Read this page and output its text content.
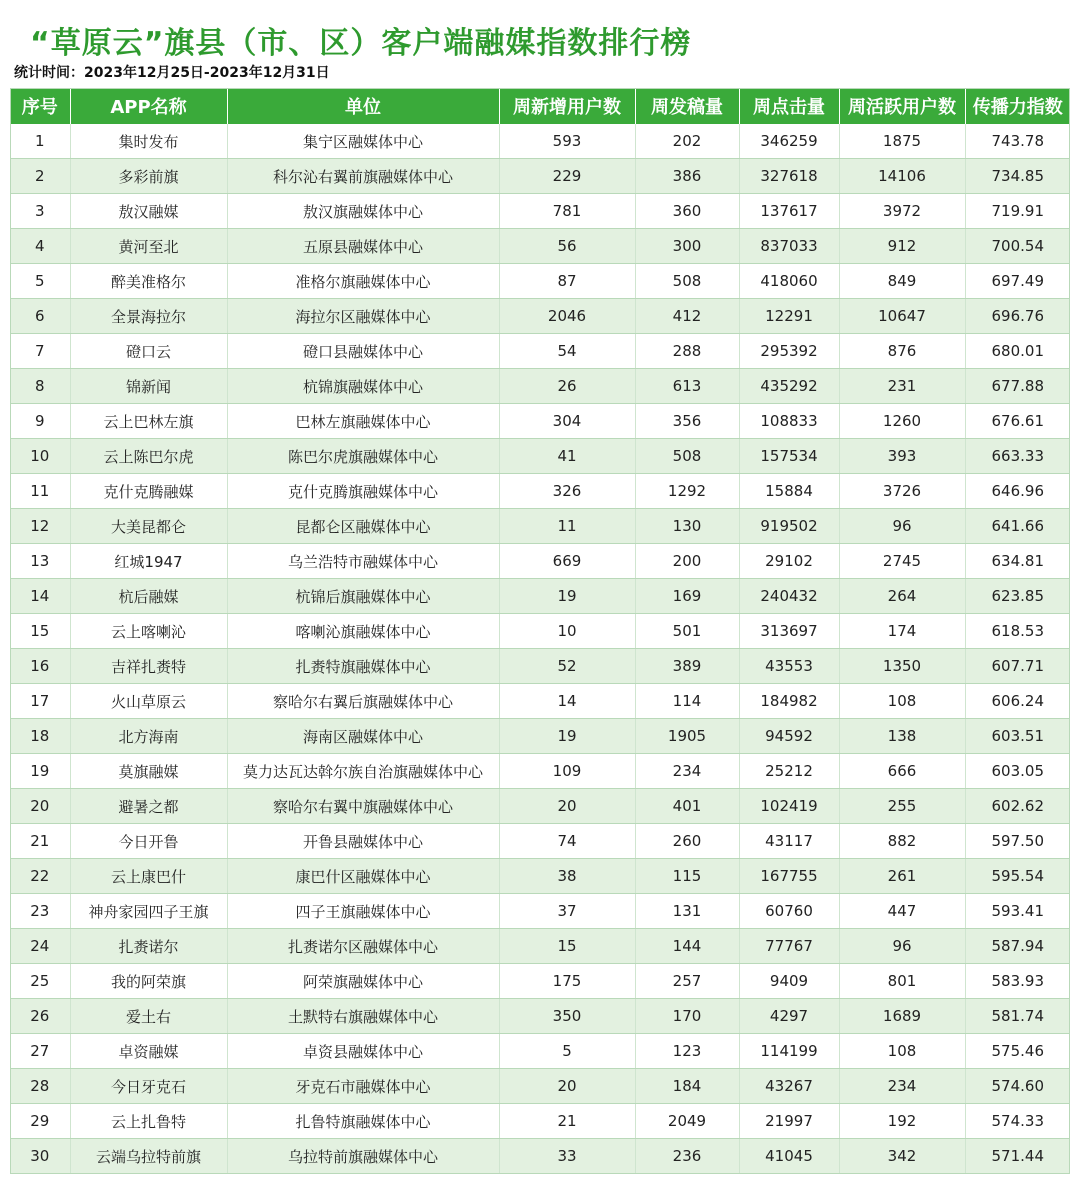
“草原云”旗县（市、区）客户端融媒指数排行榜
统计时间：2023年12月25日-2023年12月31日
序号	APP名称	单位	周新增用户数	周发稿量	周点击量	周活跃用户数	传播力指数
1	集时发布	集宁区融媒体中心	593	202	346259	1875	743.78
2	多彩前旗	科尔沁右翼前旗融媒体中心	229	386	327618	14106	734.85
3	敖汉融媒	敖汉旗融媒体中心	781	360	137617	3972	719.91
4	黄河至北	五原县融媒体中心	56	300	837033	912	700.54
5	醉美准格尔	准格尔旗融媒体中心	87	508	418060	849	697.49
6	全景海拉尔	海拉尔区融媒体中心	2046	412	12291	10647	696.76
7	磴口云	磴口县融媒体中心	54	288	295392	876	680.01
8	锦新闻	杭锦旗融媒体中心	26	613	435292	231	677.88
9	云上巴林左旗	巴林左旗融媒体中心	304	356	108833	1260	676.61
10	云上陈巴尔虎	陈巴尔虎旗融媒体中心	41	508	157534	393	663.33
11	克什克腾融媒	克什克腾旗融媒体中心	326	1292	15884	3726	646.96
12	大美昆都仑	昆都仑区融媒体中心	11	130	919502	96	641.66
13	红城1947	乌兰浩特市融媒体中心	669	200	29102	2745	634.81
14	杭后融媒	杭锦后旗融媒体中心	19	169	240432	264	623.85
15	云上喀喇沁	喀喇沁旗融媒体中心	10	501	313697	174	618.53
16	吉祥扎赉特	扎赉特旗融媒体中心	52	389	43553	1350	607.71
17	火山草原云	察哈尔右翼后旗融媒体中心	14	114	184982	108	606.24
18	北方海南	海南区融媒体中心	19	1905	94592	138	603.51
19	莫旗融媒	莫力达瓦达斡尔族自治旗融媒体中心	109	234	25212	666	603.05
20	避暑之都	察哈尔右翼中旗融媒体中心	20	401	102419	255	602.62
21	今日开鲁	开鲁县融媒体中心	74	260	43117	882	597.50
22	云上康巴什	康巴什区融媒体中心	38	115	167755	261	595.54
23	神舟家园四子王旗	四子王旗融媒体中心	37	131	60760	447	593.41
24	扎赉诺尔	扎赉诺尔区融媒体中心	15	144	77767	96	587.94
25	我的阿荣旗	阿荣旗融媒体中心	175	257	9409	801	583.93
26	爱土右	土默特右旗融媒体中心	350	170	4297	1689	581.74
27	卓资融媒	卓资县融媒体中心	5	123	114199	108	575.46
28	今日牙克石	牙克石市融媒体中心	20	184	43267	234	574.60
29	云上扎鲁特	扎鲁特旗融媒体中心	21	2049	21997	192	574.33
30	云端乌拉特前旗	乌拉特前旗融媒体中心	33	236	41045	342	571.44
